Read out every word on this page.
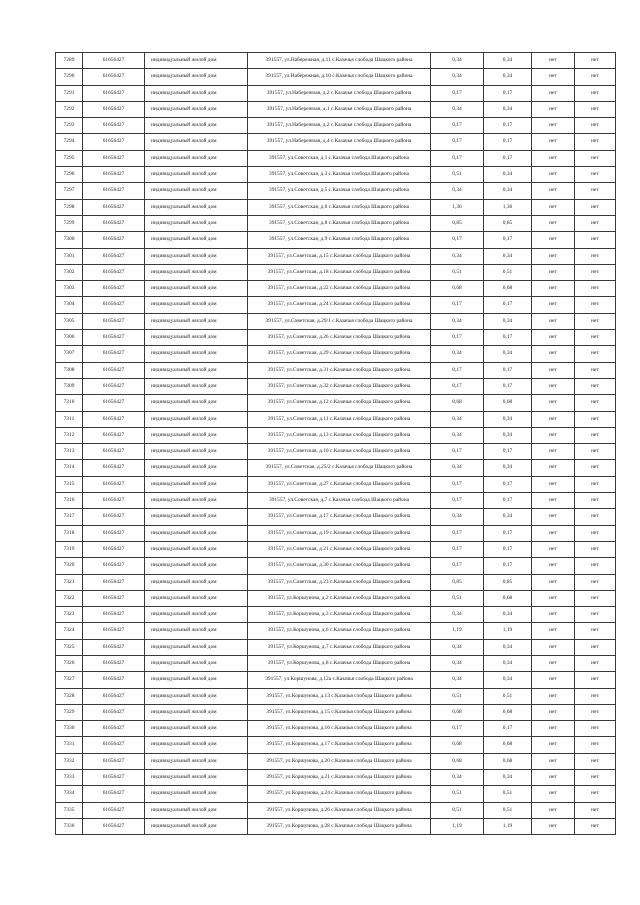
7289	61656427	индивидуальный жилой дом	391557, ул.Набережная, д.11 с.Казачья слобода Шацкого района	0,34	0,34	нет	нет
7290	61656427	индивидуальный жилой дом	391557, ул.Набережная, д.10 с.Казачья слобода Шацкого района	0,34	0,34	нет	нет
7291	61656427	индивидуальный жилой дом	391557, ул.Набережная, д.2 с.Казачья слобода Шацкого района	0,17	0,17	нет	нет
7292	61656427	индивидуальный жилой дом	391557, ул.Набережная, д.1 с.Казачья слобода Шацкого района	0,34	0,34	нет	нет
7293	61656427	индивидуальный жилой дом	391557, ул.Набережная, д.2 с.Казачья слобода Шацкого района	0,17	0,17	нет	нет
7294	61656427	индивидуальный жилой дом	391557, ул.Набережная, д.4 с.Казачья слобода Шацкого района	0,17	0,17	нет	нет
7295	61656427	индивидуальный жилой дом	391557, ул.Советская, д.1 с.Казачья слобода Шацкого района	0,17	0,17	нет	нет
7296	61656427	индивидуальный жилой дом	391557, ул.Советская, д.3 с.Казачья слобода Шацкого района	0,51	0,34	нет	нет
7297	61656427	индивидуальный жилой дом	391557, ул.Советская, д.5 с.Казачья слобода Шацкого района	0,34	0,34	нет	нет
7298	61656427	индивидуальный жилой дом	391557, ул.Советская, д.6 с.Казачья слобода Шацкого района	1,36	1,36	нет	нет
7299	61656427	индивидуальный жилой дом	391557, ул.Советская, д.8 с.Казачья слобода Шацкого района	0,85	0,85	нет	нет
7300	61656427	индивидуальный жилой дом	391557, ул.Советская, д.9 с.Казачья слобода Шацкого района	0,17	0,17	нет	нет
7301	61656427	индивидуальный жилой дом	391557, ул.Советская, д.15 с.Казачья слобода Шацкого района	0,34	0,34	нет	нет
7302	61656427	индивидуальный жилой дом	391557, ул.Советская, д.18 с.Казачья слобода Шацкого района	0,51	0,51	нет	нет
7303	61656427	индивидуальный жилой дом	391557, ул.Советская, д.22 с.Казачья слобода Шацкого района	0,68	0,68	нет	нет
7304	61656427	индивидуальный жилой дом	391557, ул.Советская, д.24 с.Казачья слобода Шацкого района	0,17	0,17	нет	нет
7305	61656427	индивидуальный жилой дом	391557, ул.Советская, д.29/1 с.Казачья слобода Шацкого района	0,34	0,34	нет	нет
7306	61656427	индивидуальный жилой дом	391557, ул.Советская, д.26 с.Казачья слобода Шацкого района	0,17	0,17	нет	нет
7307	61656427	индивидуальный жилой дом	391557, ул.Советская, д.29 с.Казачья слобода Шацкого района	0,34	0,34	нет	нет
7308	61656427	индивидуальный жилой дом	391557, ул.Советская, д.31 с.Казачья слобода Шацкого района	0,17	0,17	нет	нет
7309	61656427	индивидуальный жилой дом	391557, ул.Советская, д.32 с.Казачья слобода Шацкого района	0,17	0,17	нет	нет
7310	61656427	индивидуальный жилой дом	391557, ул.Советская, д.12 с.Казачья слобода Шацкого района	0,68	0,68	нет	нет
7311	61656427	индивидуальный жилой дом	391557, ул.Советская, д.11 с.Казачья слобода Шацкого района	0,34	0,34	нет	нет
7312	61656427	индивидуальный жилой дом	391557, ул.Советская, д.13 с.Казачья слобода Шацкого района	0,34	0,34	нет	нет
7313	61656427	индивидуальный жилой дом	391557, ул.Советская, д.10 с.Казачья слобода Шацкого района	0,17	0,17	нет	нет
7314	61656427	индивидуальный жилой дом	391557, ул.Советская, д.25/2 с.Казачья слобода Шацкого района	0,34	0,34	нет	нет
7315	61656427	индивидуальный жилой дом	391557, ул.Советская, д.27 с.Казачья слобода Шацкого района	0,17	0,17	нет	нет
7316	61656427	индивидуальный жилой дом	391557, ул.Советская, д.7 с.Казачья слобода Шацкого района	0,17	0,17	нет	нет
7317	61656427	индивидуальный жилой дом	391557, ул.Советская, д.17 с.Казачья слобода Шацкого района	0,34	0,34	нет	нет
7318	61656427	индивидуальный жилой дом	391557, ул.Советская, д.19 с.Казачья слобода Шацкого района	0,17	0,17	нет	нет
7319	61656427	индивидуальный жилой дом	391557, ул.Советская, д.21 с.Казачья слобода Шацкого района	0,17	0,17	нет	нет
7320	61656427	индивидуальный жилой дом	391557, ул.Советская, д.30 с.Казачья слобода Шацкого района	0,17	0,17	нет	нет
7321	61656427	индивидуальный жилой дом	391557, ул.Советская, д.23 с.Казачья слобода Шацкого района	0,85	0,85	нет	нет
7322	61656427	индивидуальный жилой дом	391557, ул.Коршунова, д.2 с.Казачья слобода Шацкого района	0,51	0,68	нет	нет
7323	61656427	индивидуальный жилой дом	391557, ул.Коршунова, д.3 с.Казачья слобода Шацкого района	0,34	0,34	нет	нет
7324	61656427	индивидуальный жилой дом	391557, ул.Коршунова, д.6 с.Казачья слобода Шацкого района	1,19	1,19	нет	нет
7325	61656427	индивидуальный жилой дом	391557, ул.Коршунова, д.7 с.Казачья слобода Шацкого района	0,34	0,34	нет	нет
7326	61656427	индивидуальный жилой дом	391557, ул.Коршунова, д.8 с.Казачья слобода Шацкого района	0,34	0,34	нет	нет
7327	61656427	индивидуальный жилой дом	391557, ул.Коршунова, д.12а с.Казачья слобода Шацкого района	0,34	0,34	нет	нет
7328	61656427	индивидуальный жилой дом	391557, ул.Коршунова, д.13 с.Казачья слобода Шацкого района	0,51	0,51	нет	нет
7329	61656427	индивидуальный жилой дом	391557, ул.Коршунова, д.15 с.Казачья слобода Шацкого района	0,68	0,68	нет	нет
7330	61656427	индивидуальный жилой дом	391557, ул.Коршунова, д.16 с.Казачья слобода Шацкого района	0,17	0,17	нет	нет
7331	61656427	индивидуальный жилой дом	391557, ул.Коршунова, д.17 с.Казачья слобода Шацкого района	0,68	0,68	нет	нет
7332	61656427	индивидуальный жилой дом	391557, ул.Коршунова, д.20 с.Казачья слобода Шацкого района	0,68	0,68	нет	нет
7333	61656427	индивидуальный жилой дом	391557, ул.Коршунова, д.21 с.Казачья слобода Шацкого района	0,34	0,34	нет	нет
7334	61656427	индивидуальный жилой дом	391557, ул.Коршунова, д.24 с.Казачья слобода Шацкого района	0,51	0,51	нет	нет
7335	61656427	индивидуальный жилой дом	391557, ул.Коршунова, д.26 с.Казачья слобода Шацкого района	0,51	0,51	нет	нет
7336	61656427	индивидуальный жилой дом	391557, ул.Коршунова, д.28 с.Казачья слобода Шацкого района	1,19	1,19	нет	нет
